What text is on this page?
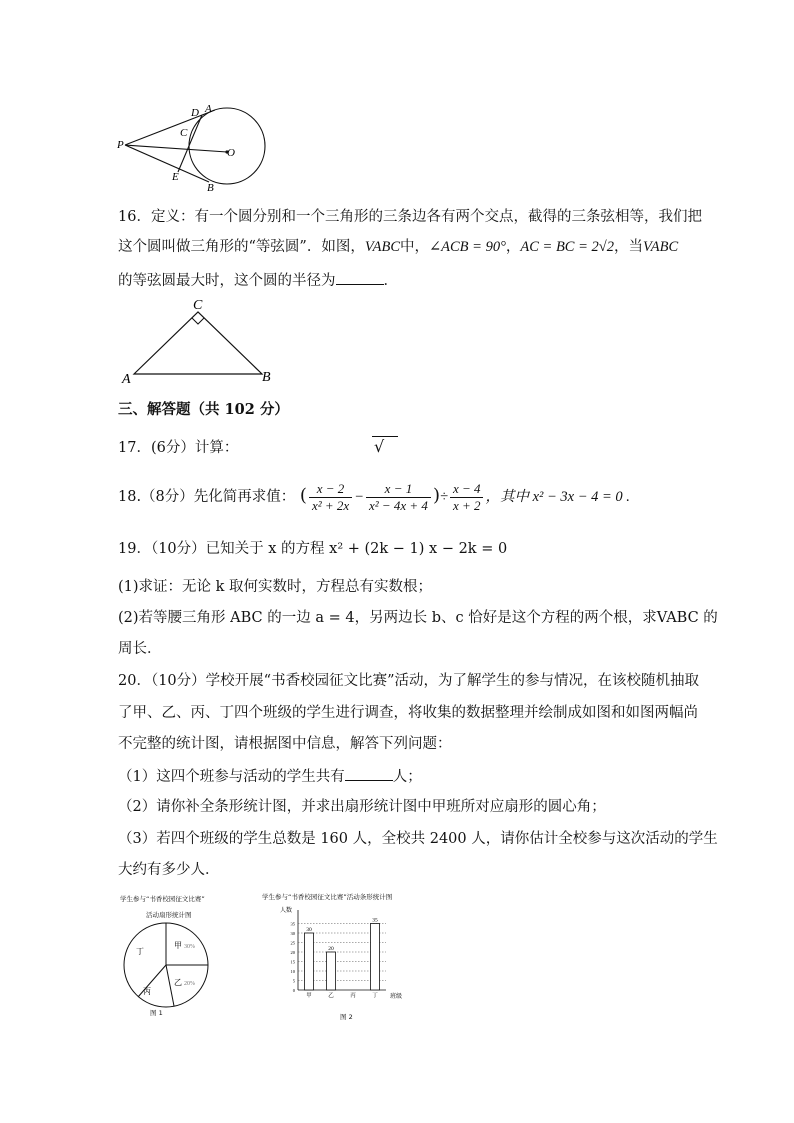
P
A
D
C
O
E
B
16．定义：有一个圆分别和一个三角形的三条边各有两个交点，截得的三条弦相等，我们把
这个圆叫做三角形的“等弦圆”．如图，VABC中，∠ACB = 90°，AC = BC = 2√2，当VABC
的等弦圆最大时，这个圆的半径为	．
C
A	B
三、解答题（共 102 分）
17．(6分）计算：	√
18.（8分）先化简再求值： ( $\frac{x - 2}{\text{x² + 2x}} - \frac{x - 1}{\text{x² − 4x + 4}}$ )÷ $\frac{x - 4}{x + 2}$ ，其中 x² − 3x − 4 = 0 .
19．（10分）已知关于 x 的方程 x² + (2k − 1) x − 2k = 0
(1)求证：无论 k 取何实数时，方程总有实数根；
(2)若等腰三角形 ABC 的一边 a = 4，另两边长 b、c 恰好是这个方程的两个根，求VABC 的
周长．
20．（10分）学校开展“书香校园征文比赛”活动，为了解学生的参与情况，在该校随机抽取
了甲、乙、丙、丁四个班级的学生进行调查，将收集的数据整理并绘制成如图和如图两幅尚
不完整的统计图，请根据图中信息，解答下列问题：
（1）这四个班参与活动的学生共有	人；
（2）请你补全条形统计图，并求出扇形统计图中甲班所对应扇形的圆心角；
（3）若四个班级的学生总数是 160 人，全校共 2400 人，请你估计全校参与这次活动的学生
大约有多少人．
学生参与“书香校园征文比赛”
活动扇形统计图
丁
甲 30%
乙 20%
丙
图 1
学生参与“书香校园征文比赛”活动条形统计图
人数
班级
0
5
10
15
20
25
30
35
甲
30
乙
20
丙	丁
35
图 2
